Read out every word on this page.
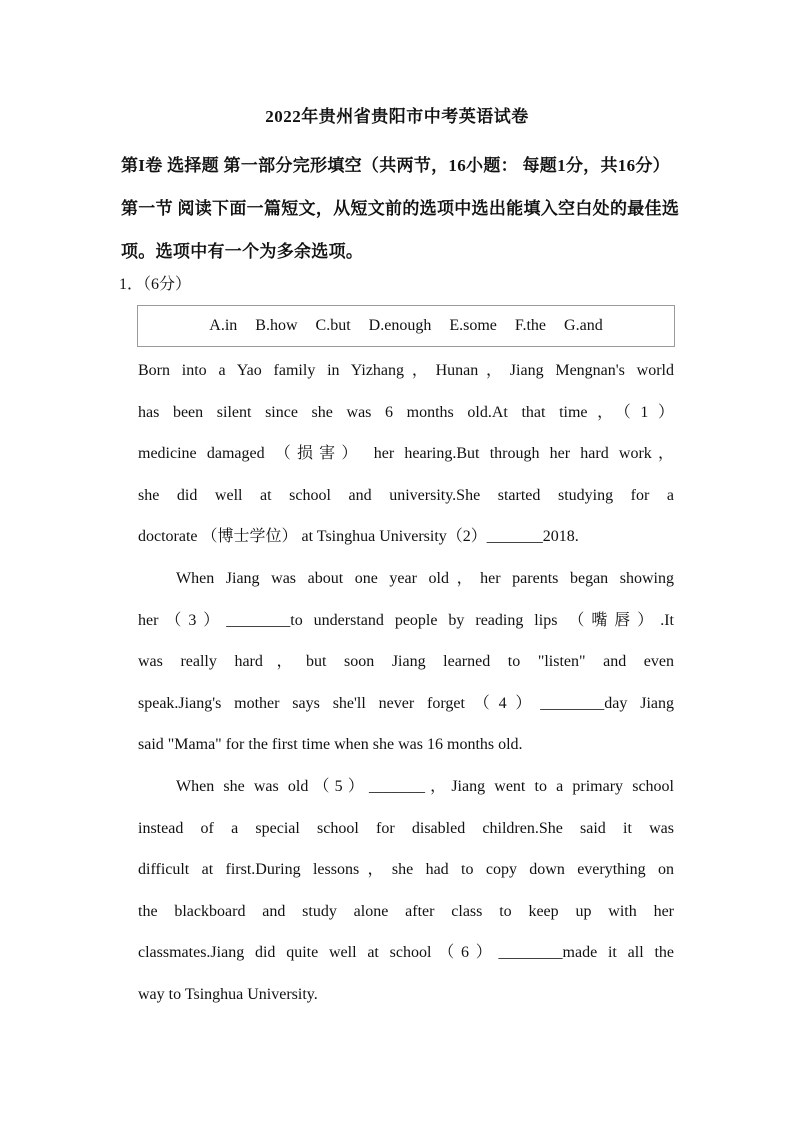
2022年贵州省贵阳市中考英语试卷
第I卷 选择题 第一部分完形填空（共两节，16小题： 每题1分，共16分）第一节 阅读下面一篇短文，从短文前的选项中选出能填入空白处的最佳选项。选项中有一个为多余选项。
1．（6分）
A.in B.how C.but D.enough E.some F.the G.and
Born into a Yao family in Yizhang，Hunan，Jiang Mengnan's world
has been silent since she was 6 months old.At that time，（1）
medicine damaged （损害） her hearing.But through her hard work，
she did well at school and university.She started studying for a
doctorate （博士学位） at Tsinghua University（2）_______2018.
When Jiang was about one year old，her parents began showing
her（3）________to understand people by reading lips （嘴唇）.It
was really hard，but soon Jiang learned to "listen" and even
speak.Jiang's mother says she'll never forget（4）________day Jiang
said "Mama" for the first time when she was 16 months old.
When she was old（5）_______，Jiang went to a primary school
instead of a special school for disabled children.She said it was
difficult at first.During lessons，she had to copy down everything on
the blackboard and study alone after class to keep up with her
classmates.Jiang did quite well at school（6）________made it all the
way to Tsinghua University.
